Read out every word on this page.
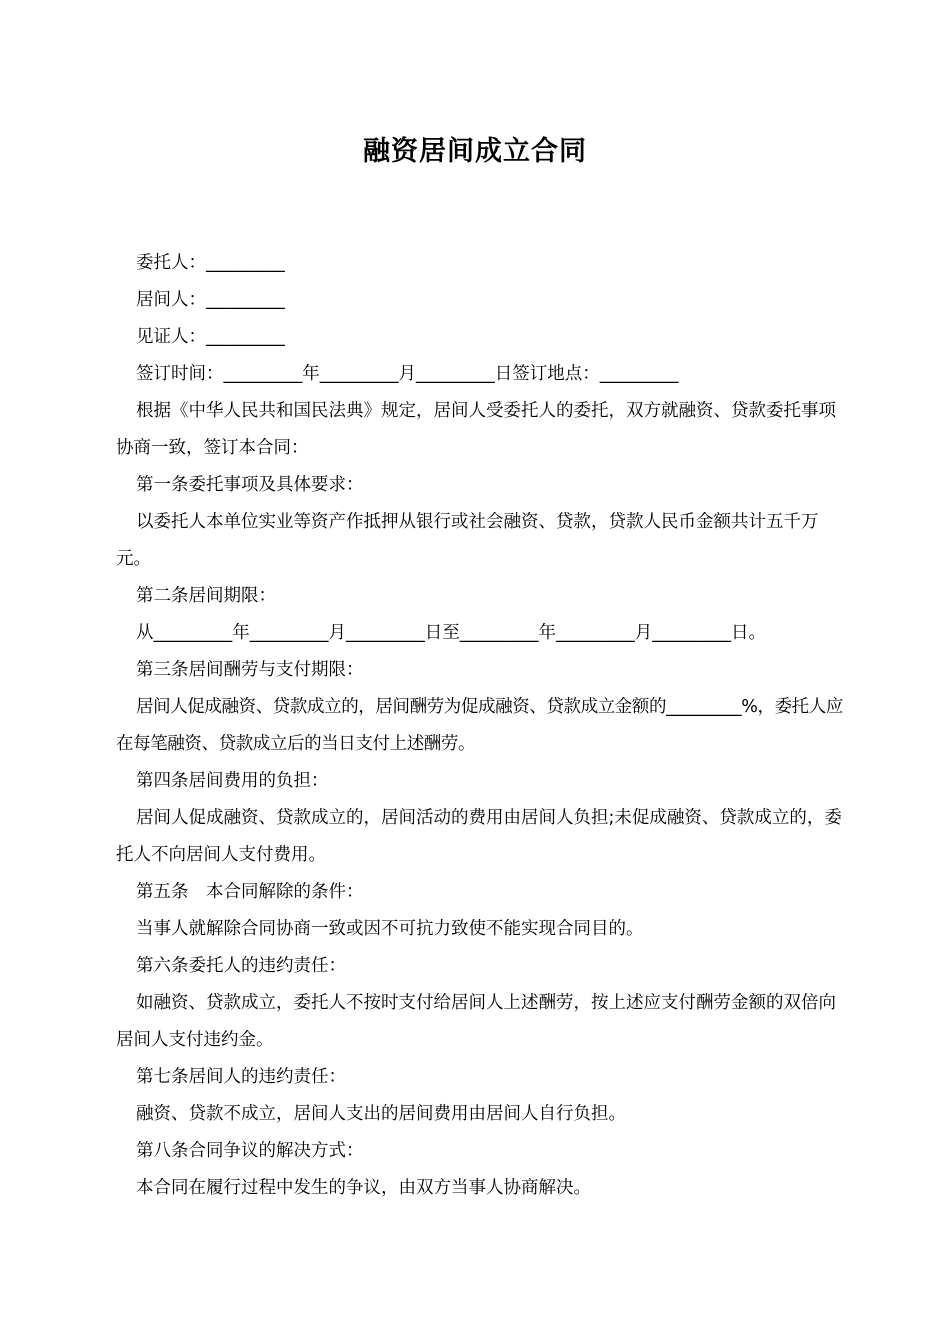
融资居间成立合同

委托人：_________

居间人：_________

见证人：_________

签订时间：_________年_________月_________日签订地点：_________

根据《中华人民共和国民法典》规定，居间人受委托人的委托，双方就融资、贷款委托事项协商一致，签订本合同：

第一条委托事项及具体要求：

以委托人本单位实业等资产作抵押从银行或社会融资、贷款，贷款人民币金额共计五千万元。

第二条居间期限：

从_________年_________月_________日至_________年_________月_________日。

第三条居间酬劳与支付期限：

居间人促成融资、贷款成立的，居间酬劳为促成融资、贷款成立金额的_________%，委托人应在每笔融资、贷款成立后的当日支付上述酬劳。

第四条居间费用的负担：

居间人促成融资、贷款成立的，居间活动的费用由居间人负担;未促成融资、贷款成立的，委托人不向居间人支付费用。

第五条　本合同解除的条件：

当事人就解除合同协商一致或因不可抗力致使不能实现合同目的。

第六条委托人的违约责任：

如融资、贷款成立，委托人不按时支付给居间人上述酬劳，按上述应支付酬劳金额的双倍向居间人支付违约金。

第七条居间人的违约责任：

融资、贷款不成立，居间人支出的居间费用由居间人自行负担。

第八条合同争议的解决方式：

本合同在履行过程中发生的争议，由双方当事人协商解决。
